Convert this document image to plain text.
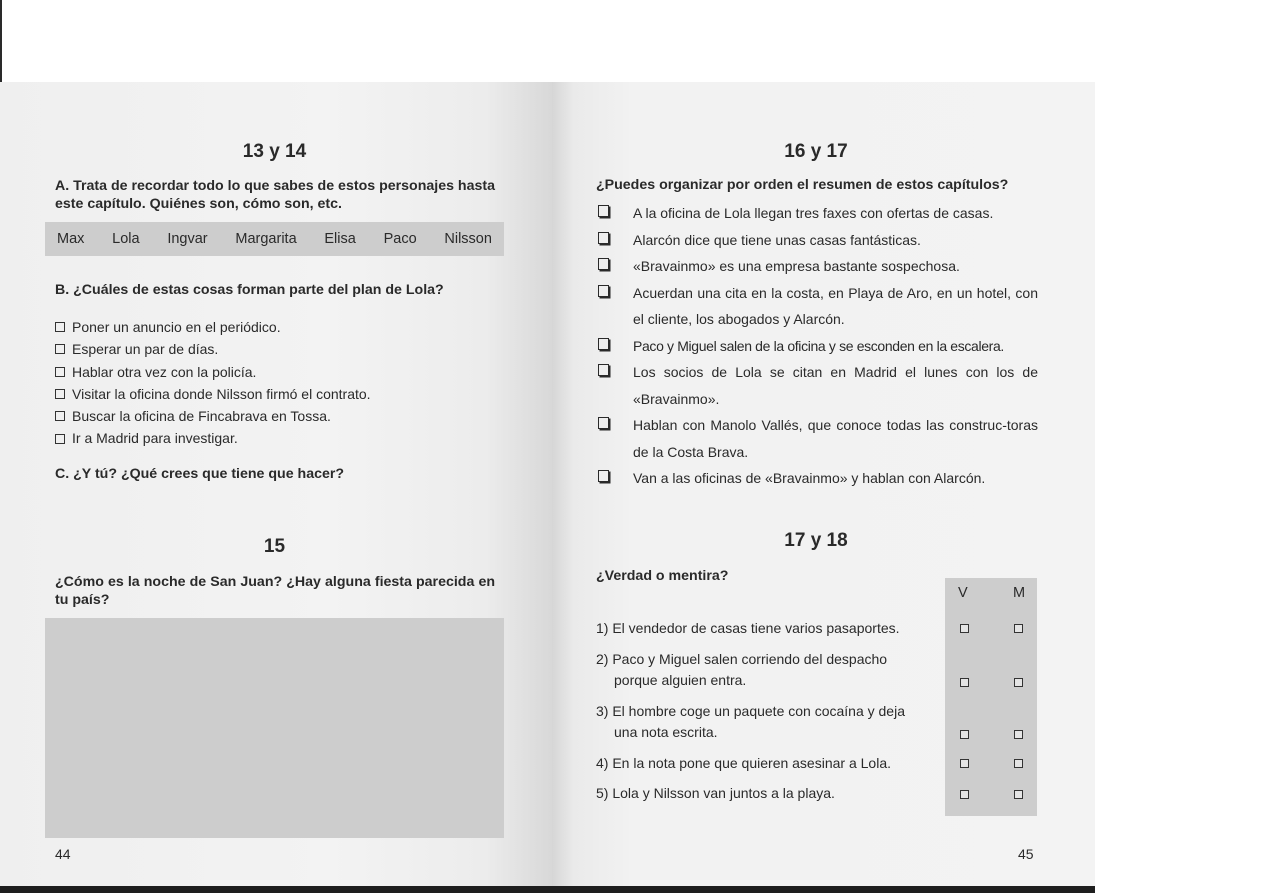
13 y 14
A. Trata de recordar todo lo que sabes de estos personajes hasta este capítulo. Quiénes son, cómo son, etc.
Max Lola Ingvar Margarita Elisa Paco Nilsson
B. ¿Cuáles de estas cosas forman parte del plan de Lola?
Poner un anuncio en el periódico.
Esperar un par de días.
Hablar otra vez con la policía.
Visitar la oficina donde Nilsson firmó el contrato.
Buscar la oficina de Fincabrava en Tossa.
Ir a Madrid para investigar.
C. ¿Y tú? ¿Qué crees que tiene que hacer?
15
¿Cómo es la noche de San Juan? ¿Hay alguna fiesta parecida en tu país?
44
16 y 17
¿Puedes organizar por orden el resumen de estos capítulos?
A la oficina de Lola llegan tres faxes con ofertas de casas.
Alarcón dice que tiene unas casas fantásticas.
«Bravainmo» es una empresa bastante sospechosa.
Acuerdan una cita en la costa, en Playa de Aro, en un hotel, con el cliente, los abogados y Alarcón.
Paco y Miguel salen de la oficina y se esconden en la escalera.
Los socios de Lola se citan en Madrid el lunes con los de «Bravainmo».
Hablan con Manolo Vallés, que conoce todas las construc-toras de la Costa Brava.
Van a las oficinas de «Bravainmo» y hablan con Alarcón.
17 y 18
¿Verdad o mentira?
V	M
1) El vendedor de casas tiene varios pasaportes.
2) Paco y Miguel salen corriendo del despacho porque alguien entra.
3) El hombre coge un paquete con cocaína y deja una nota escrita.
4) En la nota pone que quieren asesinar a Lola.
5) Lola y Nilsson van juntos a la playa.
45
